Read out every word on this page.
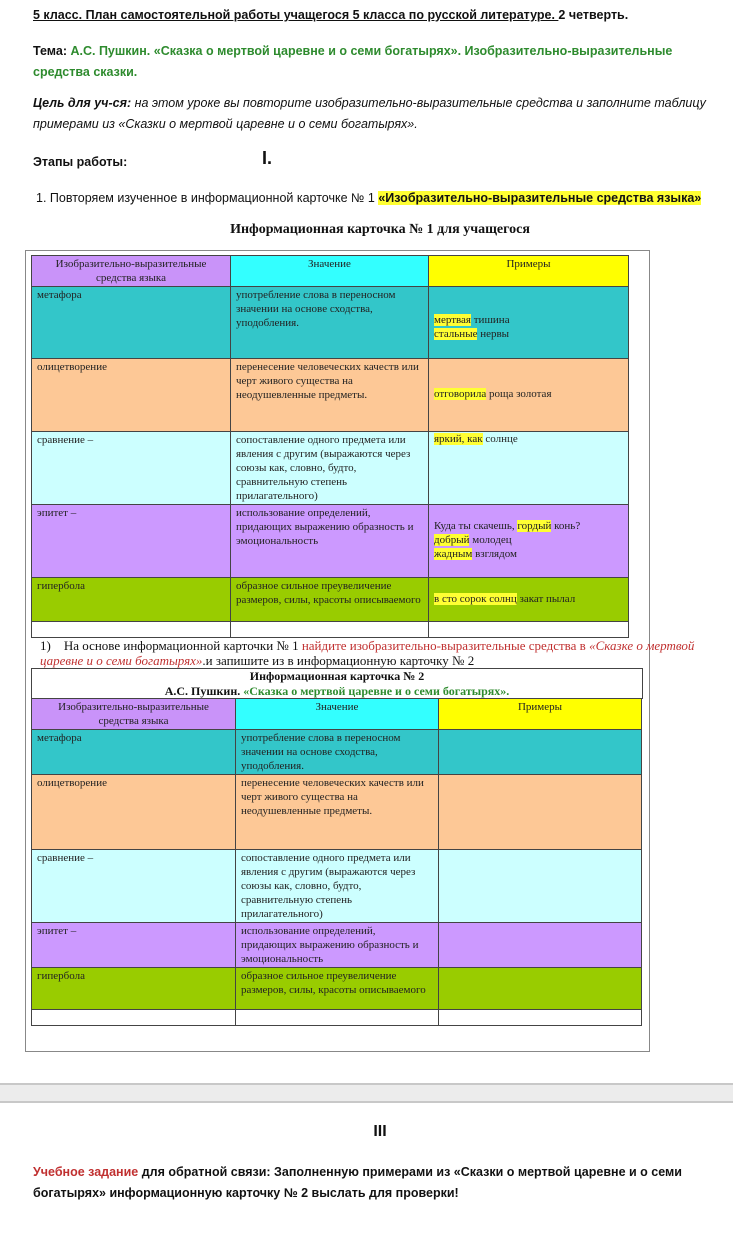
5 класс. План самостоятельной работы учащегося 5 класса по русской литературе. 2 четверть.
Тема: А.С. Пушкин. «Сказка о мертвой царевне и о семи богатырях». Изобразительно-выразительные средства сказки.
Цель для уч-ся: на этом уроке вы повторите изобразительно-выразительные средства и заполните таблицу примерами из «Сказки о мертвой царевне и о семи богатырях».
Этапы работы:	I.
1. Повторяем изученное в информационной карточке № 1 «Изобразительно-выразительные средства языка»
Информационная карточка № 1 для учащегося
Изобразительно-выразительные средства языка	Значение	Примеры
метафора	употребление слова в переносном значении на основе сходства, уподобления.	мертвая тишина
стальные нервы

олицетворение	перенесение человеческих качеств или черт живого существа на неодушевленные предметы.	отговорила роща золотая

сравнение –	сопоставление одного предмета или явления с другим (выражаются через союзы как, словно, будто, сравнительную степень прилагательного)	яркий, как солнце

эпитет –	использование определений, придающих выражению образность и эмоциональность	Куда ты скачешь, гордый конь?
добрый молодец
жадным взглядом

гипербола	образное сильное преувеличение размеров, силы, красоты описываемого	в сто сорок солнц закат пылал

1) На основе информационной карточки № 1 найдите изобразительно-выразительные средства в «Сказке о мертвой царевне и о семи богатырях».и запишите из в информационную карточку № 2
Информационная карточка № 2
А.С. Пушкин. «Сказка о мертвой царевне и о семи богатырях».
Изобразительно-выразительные средства языка	Значение	Примеры
метафора	употребление слова в переносном значении на основе сходства, уподобления.	
олицетворение	перенесение человеческих качеств или черт живого существа на неодушевленные предметы.	
сравнение –	сопоставление одного предмета или явления с другим (выражаются через союзы как, словно, будто, сравнительную степень прилагательного)	
эпитет –	использование определений, придающих выражению образность и эмоциональность	
гипербола	образное сильное преувеличение размеров, силы, красоты описываемого	

III
Учебное задание для обратной связи: Заполненную примерами из «Сказки о мертвой царевне и о семи богатырях» информационную карточку № 2 выслать для проверки!
